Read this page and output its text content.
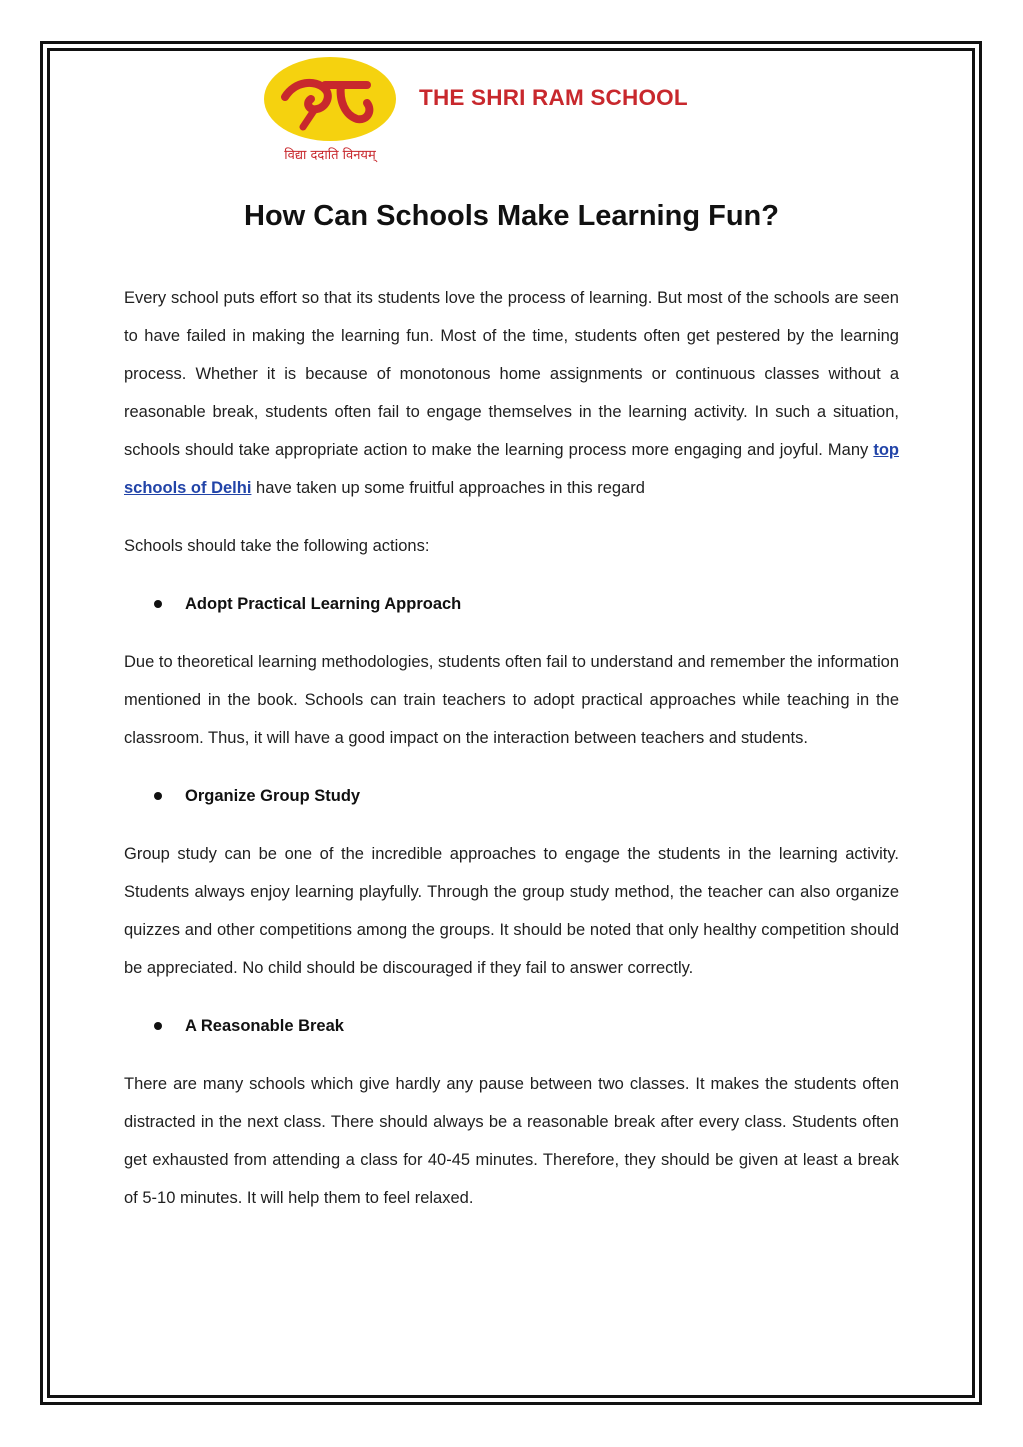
विद्या ददाति विनयम्
THE SHRI RAM SCHOOL
How Can Schools Make Learning Fun?

Every school puts effort so that its students love the process of learning. But most of the schools are seen to have failed in making the learning fun. Most of the time, students often get pestered by the learning process. Whether it is because of monotonous home assignments or continuous classes without a reasonable break, students often fail to engage themselves in the learning activity. In such a situation, schools should take appropriate action to make the learning process more engaging and joyful. Many top schools of Delhi have taken up some fruitful approaches in this regard

Schools should take the following actions:

Adopt Practical Learning Approach

Due to theoretical learning methodologies, students often fail to understand and remember the information mentioned in the book. Schools can train teachers to adopt practical approaches while teaching in the classroom. Thus, it will have a good impact on the interaction between teachers and students.

Organize Group Study

Group study can be one of the incredible approaches to engage the students in the learning activity. Students always enjoy learning playfully. Through the group study method, the teacher can also organize quizzes and other competitions among the groups. It should be noted that only healthy competition should be appreciated. No child should be discouraged if they fail to answer correctly.

A Reasonable Break

There are many schools which give hardly any pause between two classes. It makes the students often distracted in the next class. There should always be a reasonable break after every class. Students often get exhausted from attending a class for 40-45 minutes. Therefore, they should be given at least a break of 5-10 minutes. It will help them to feel relaxed.
